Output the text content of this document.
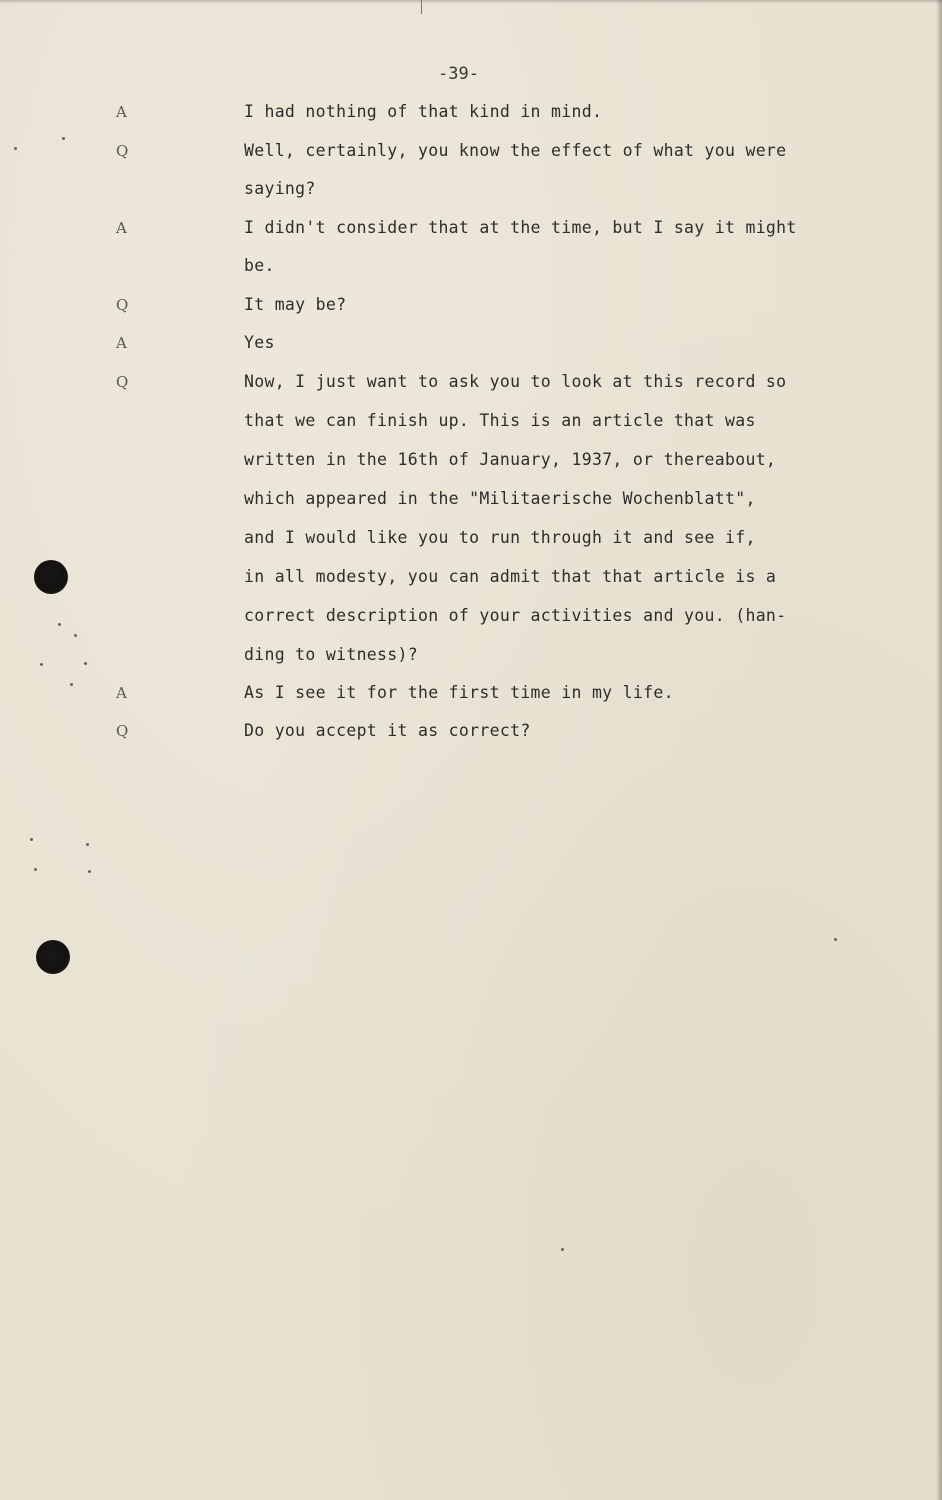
-39-
A	I had nothing of that kind in mind.
Q	Well, certainly, you know the effect of what you were
saying?
A	I didn't consider that at the time, but I say it might
be.
Q	It may be?
A	Yes
Q	Now, I just want to ask you to look at this record so
that we can finish up. This is an article that was
written in the 16th of January, 1937, or thereabout,
which appeared in the "Militaerische Wochenblatt",
and I would like you to run through it and see if,
in all modesty, you can admit that that article is a
correct description of your activities and you. (han-
ding to witness)?
A	As I see it for the first time in my life.
Q	Do you accept it as correct?
